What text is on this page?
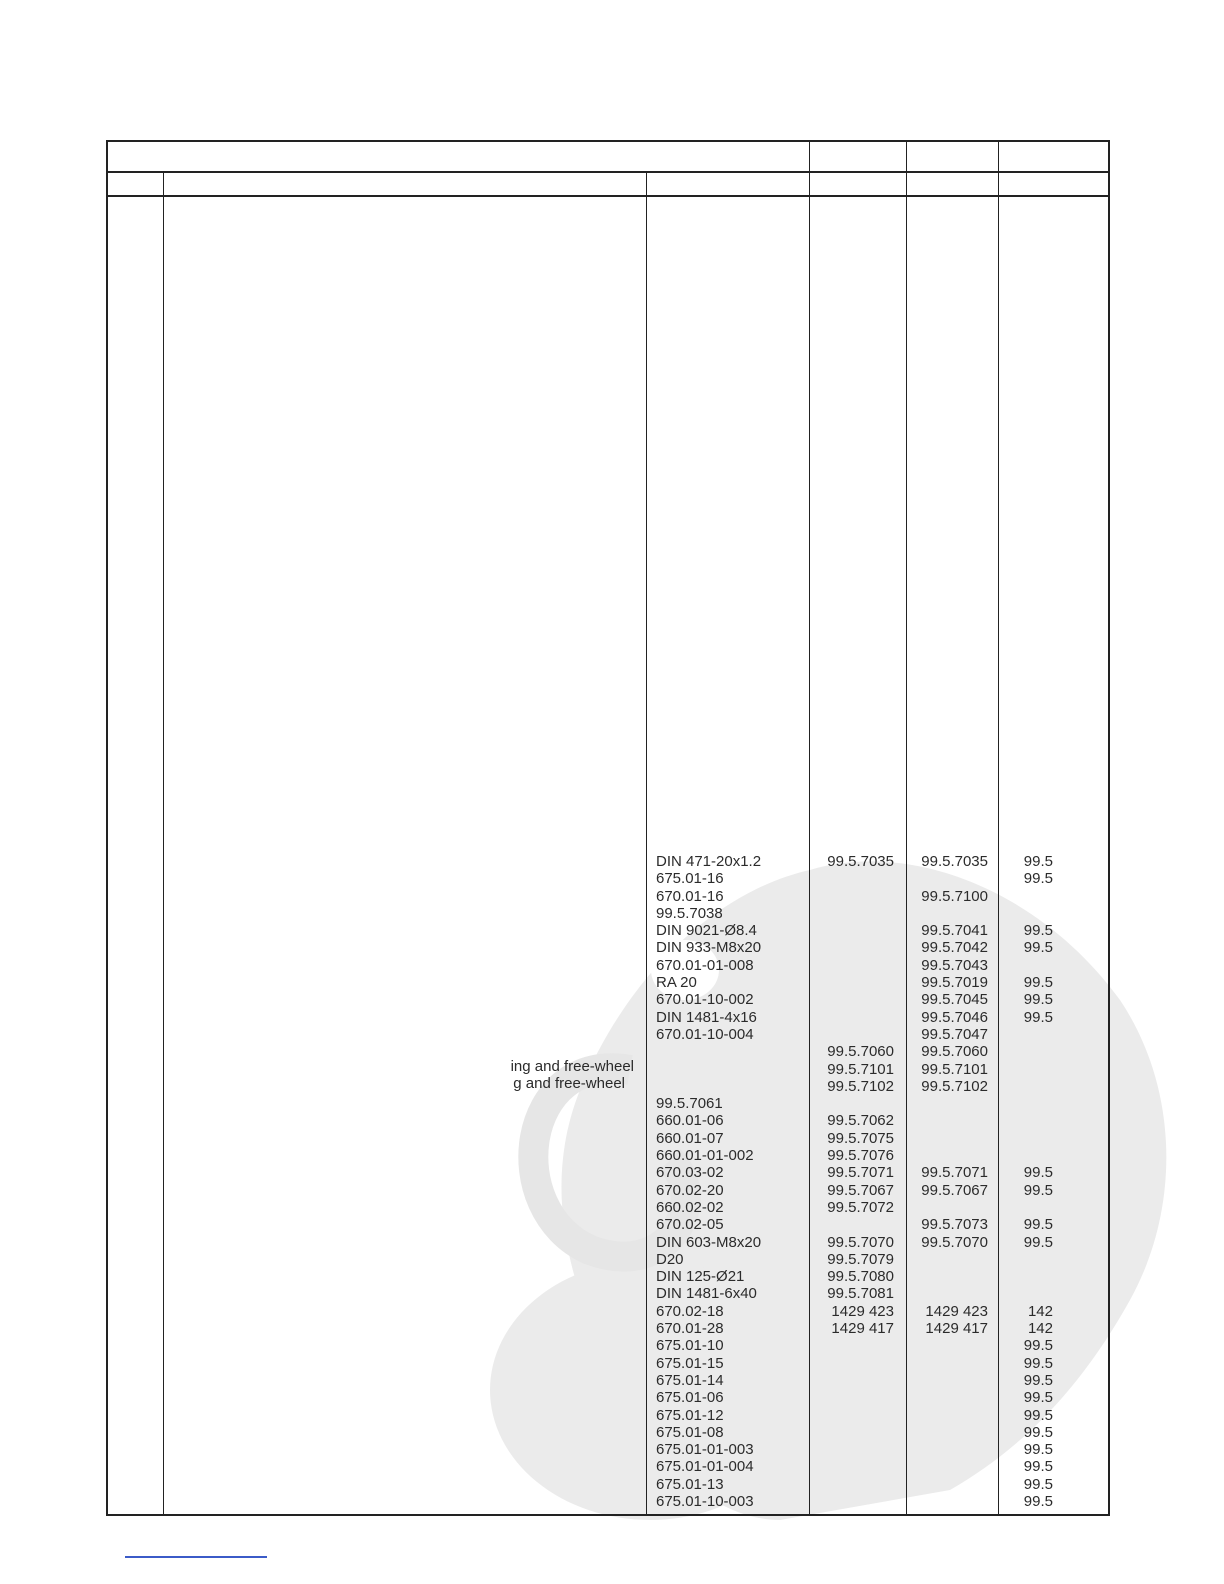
ing and free-wheel
g and free-wheel
DIN 471-20x1.2
675.01-16
670.01-16
99.5.7038
DIN 9021-Ø8.4
DIN 933-M8x20
670.01-01-008
RA 20
670.01-10-002
DIN 1481-4x16
670.01-10-004
99.5.7061
660.01-06
660.01-07
660.01-01-002
670.03-02
670.02-20
660.02-02
670.02-05
DIN 603-M8x20
D20
DIN 125-Ø21
DIN 1481-6x40
670.02-18
670.01-28
675.01-10
675.01-15
675.01-14
675.01-06
675.01-12
675.01-08
675.01-01-003
675.01-01-004
675.01-13
675.01-10-003
99.5.7035
99.5.7060
99.5.7101
99.5.7102
99.5.7062
99.5.7075
99.5.7076
99.5.7071
99.5.7067
99.5.7072
99.5.7070
99.5.7079
99.5.7080
99.5.7081
1429 423
1429 417
99.5.7035
99.5.7100
99.5.7041
99.5.7042
99.5.7043
99.5.7019
99.5.7045
99.5.7046
99.5.7047
99.5.7060
99.5.7101
99.5.7102
99.5.7071
99.5.7067
99.5.7073
99.5.7070
1429 423
1429 417
99.5
99.5
99.5
99.5
99.5
99.5
99.5
99.5
99.5
99.5
99.5
142
142
99.5
99.5
99.5
99.5
99.5
99.5
99.5
99.5
99.5
99.5
